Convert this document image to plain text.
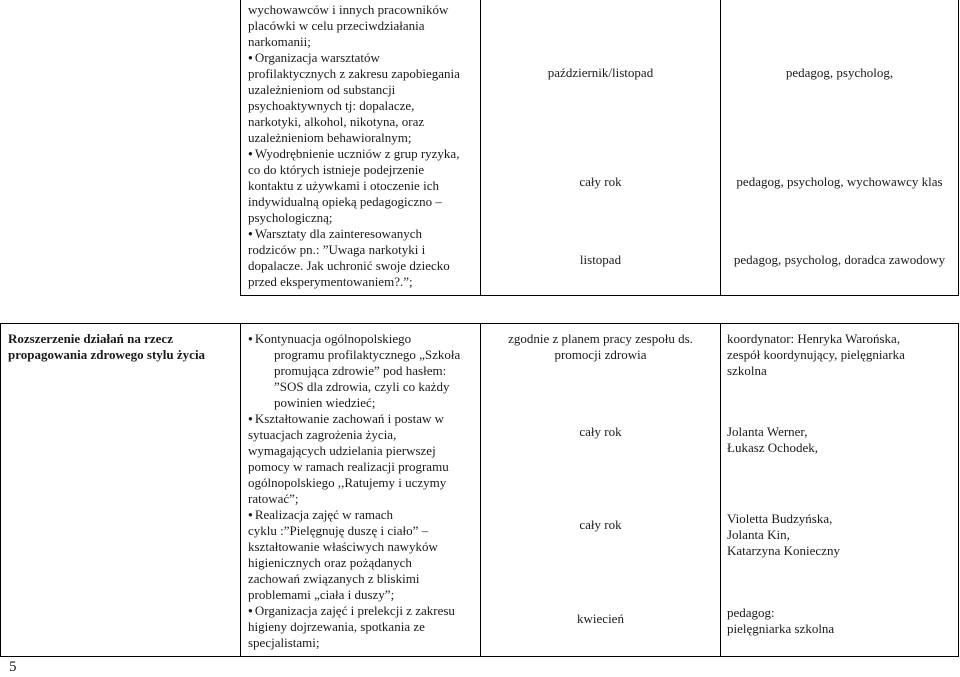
wychowawców i innych pracowników
placówki w celu przeciwdziałania
narkomanii;
● Organizacja warsztatów
profilaktycznych z zakresu zapobiegania
uzależnieniom od substancji
psychoaktywnych tj: dopalacze,
narkotyki, alkohol, nikotyna, oraz
uzależnieniom behawioralnym;
● Wyodrębnienie uczniów z grup ryzyka,
co do których istnieje podejrzenie
kontaktu z używkami i otoczenie ich
indywidualną opieką pedagogiczno –
psychologiczną;
● Warsztaty dla zainteresowanych
rodziców pn.: ”Uwaga narkotyki i
dopalacze. Jak uchronić swoje dziecko
przed eksperymentowaniem?.”;
październik/listopad
cały rok
listopad
pedagog, psycholog,
pedagog, psycholog, wychowawcy klas
pedagog, psycholog, doradca zawodowy
Rozszerzenie działań na rzecz
propagowania zdrowego stylu życia
● Kontynuacja ogólnopolskiego
programu profilaktycznego „Szkoła
promująca zdrowie” pod hasłem:
”SOS dla zdrowia, czyli co każdy
powinien wiedzieć;
● Kształtowanie zachowań i postaw w
sytuacjach zagrożenia życia,
wymagających udzielania pierwszej
pomocy w ramach realizacji programu
ogólnopolskiego ,,Ratujemy i uczymy
ratować”;
● Realizacja zajęć w ramach
cyklu :”Pielęgnuję duszę i ciało” –
kształtowanie właściwych nawyków
higienicznych oraz pożądanych
zachowań związanych z bliskimi
problemami „ciała i duszy”;
● Organizacja zajęć i prelekcji z zakresu
higieny dojrzewania, spotkania ze
specjalistami;
zgodnie z planem pracy zespołu ds.
promocji zdrowia
cały rok
cały rok
kwiecień
koordynator: Henryka Warońska,
zespół koordynujący, pielęgniarka
szkolna
Jolanta Werner,
Łukasz Ochodek,
Violetta Budzyńska,
Jolanta Kin,
Katarzyna Konieczny
pedagog:
pielęgniarka szkolna
5
